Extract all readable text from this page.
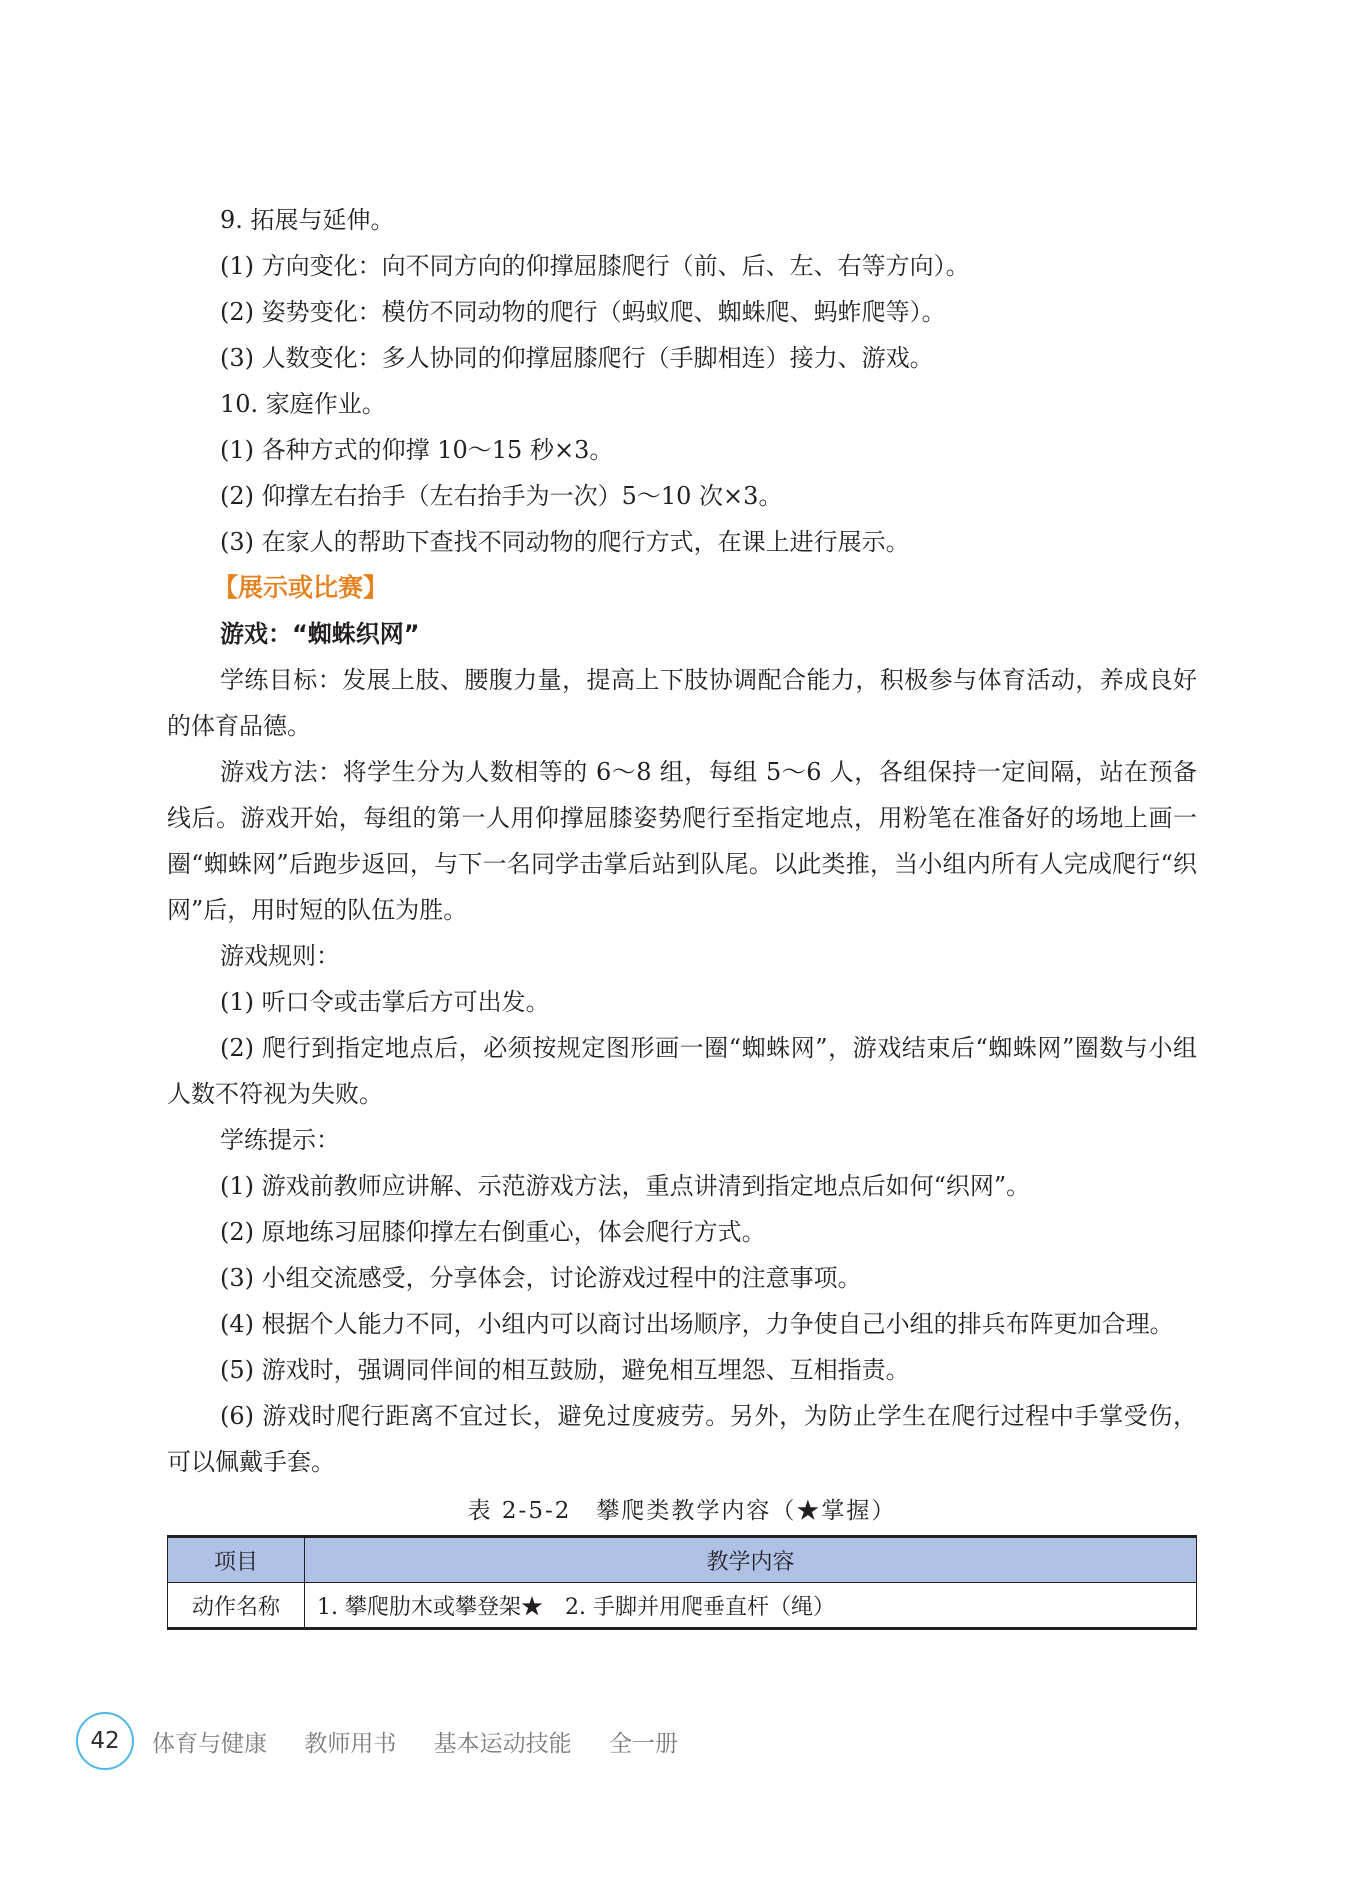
9. 拓展与延伸。

(1) 方向变化：向不同方向的仰撑屈膝爬行（前、后、左、右等方向）。

(2) 姿势变化：模仿不同动物的爬行（蚂蚁爬、蜘蛛爬、蚂蚱爬等）。

(3) 人数变化：多人协同的仰撑屈膝爬行（手脚相连）接力、游戏。

10. 家庭作业。

(1) 各种方式的仰撑 10～15 秒×3。

(2) 仰撑左右抬手（左右抬手为一次）5～10 次×3。

(3) 在家人的帮助下查找不同动物的爬行方式，在课上进行展示。

【展示或比赛】

游戏：“蜘蛛织网”

学练目标：发展上肢、腰腹力量，提高上下肢协调配合能力，积极参与体育活动，养成良好的体育品德。

游戏方法：将学生分为人数相等的 6～8 组，每组 5～6 人，各组保持一定间隔，站在预备线后。游戏开始，每组的第一人用仰撑屈膝姿势爬行至指定地点，用粉笔在准备好的场地上画一圈“蜘蛛网”后跑步返回，与下一名同学击掌后站到队尾。以此类推，当小组内所有人完成爬行“织网”后，用时短的队伍为胜。

游戏规则：

(1) 听口令或击掌后方可出发。

(2) 爬行到指定地点后，必须按规定图形画一圈“蜘蛛网”，游戏结束后“蜘蛛网”圈数与小组人数不符视为失败。

学练提示：

(1) 游戏前教师应讲解、示范游戏方法，重点讲清到指定地点后如何“织网”。

(2) 原地练习屈膝仰撑左右倒重心，体会爬行方式。

(3) 小组交流感受，分享体会，讨论游戏过程中的注意事项。

(4) 根据个人能力不同，小组内可以商讨出场顺序，力争使自己小组的排兵布阵更加合理。

(5) 游戏时，强调同伴间的相互鼓励，避免相互埋怨、互相指责。

(6) 游戏时爬行距离不宜过长，避免过度疲劳。另外，为防止学生在爬行过程中手掌受伤，可以佩戴手套。

表 2-5-2　攀爬类教学内容（★掌握）

项目	教学内容
动作名称	1. 攀爬肋木或攀登架★　2. 手脚并用爬垂直杆（绳）
42	体育与健康 教师用书 基本运动技能 全一册
